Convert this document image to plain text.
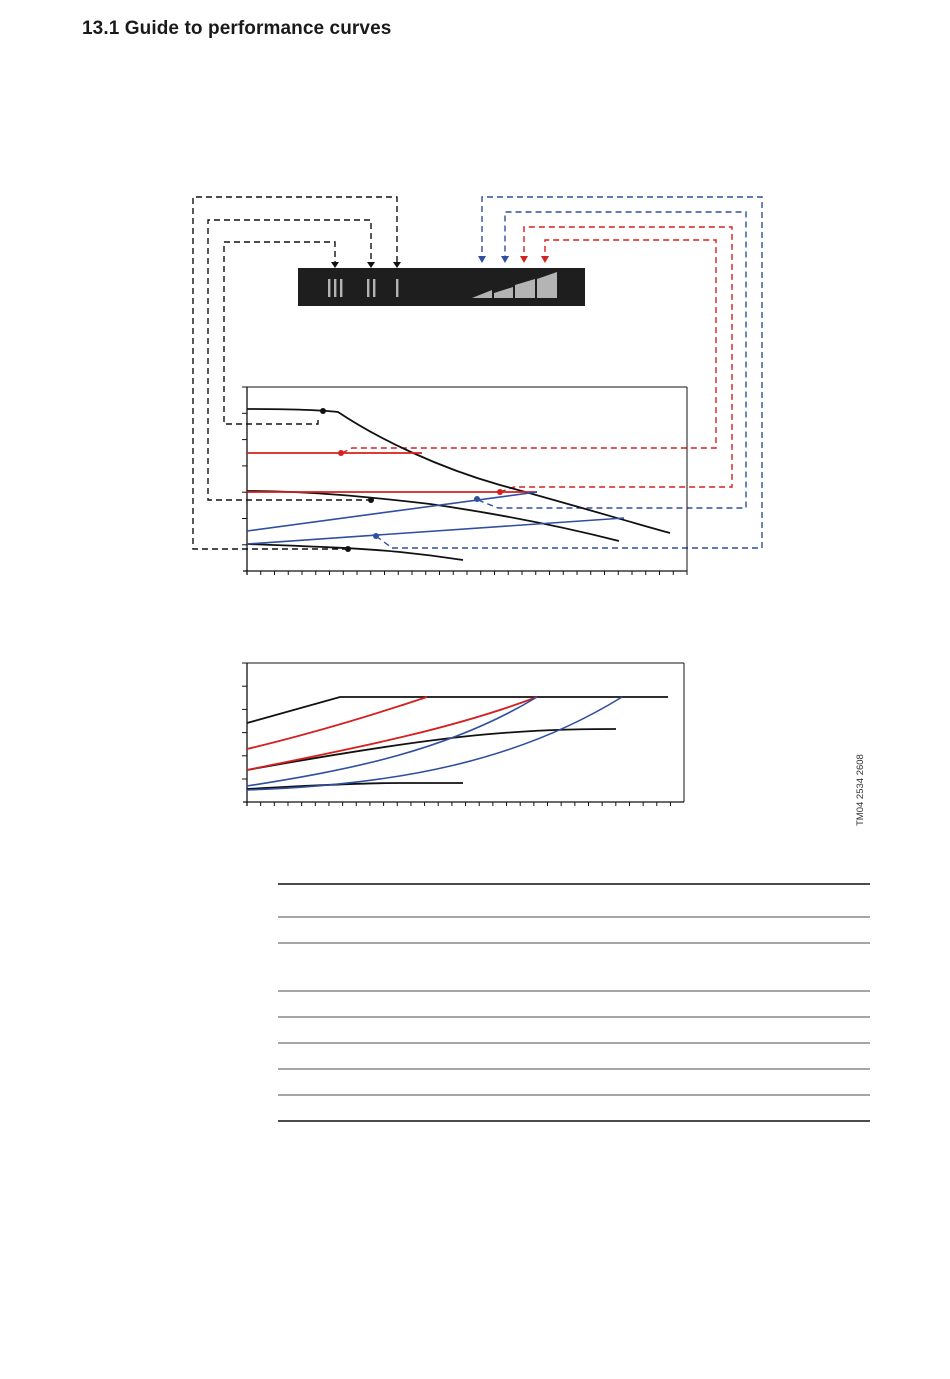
13.1 Guide to performance curves
TM04 2534 2608
